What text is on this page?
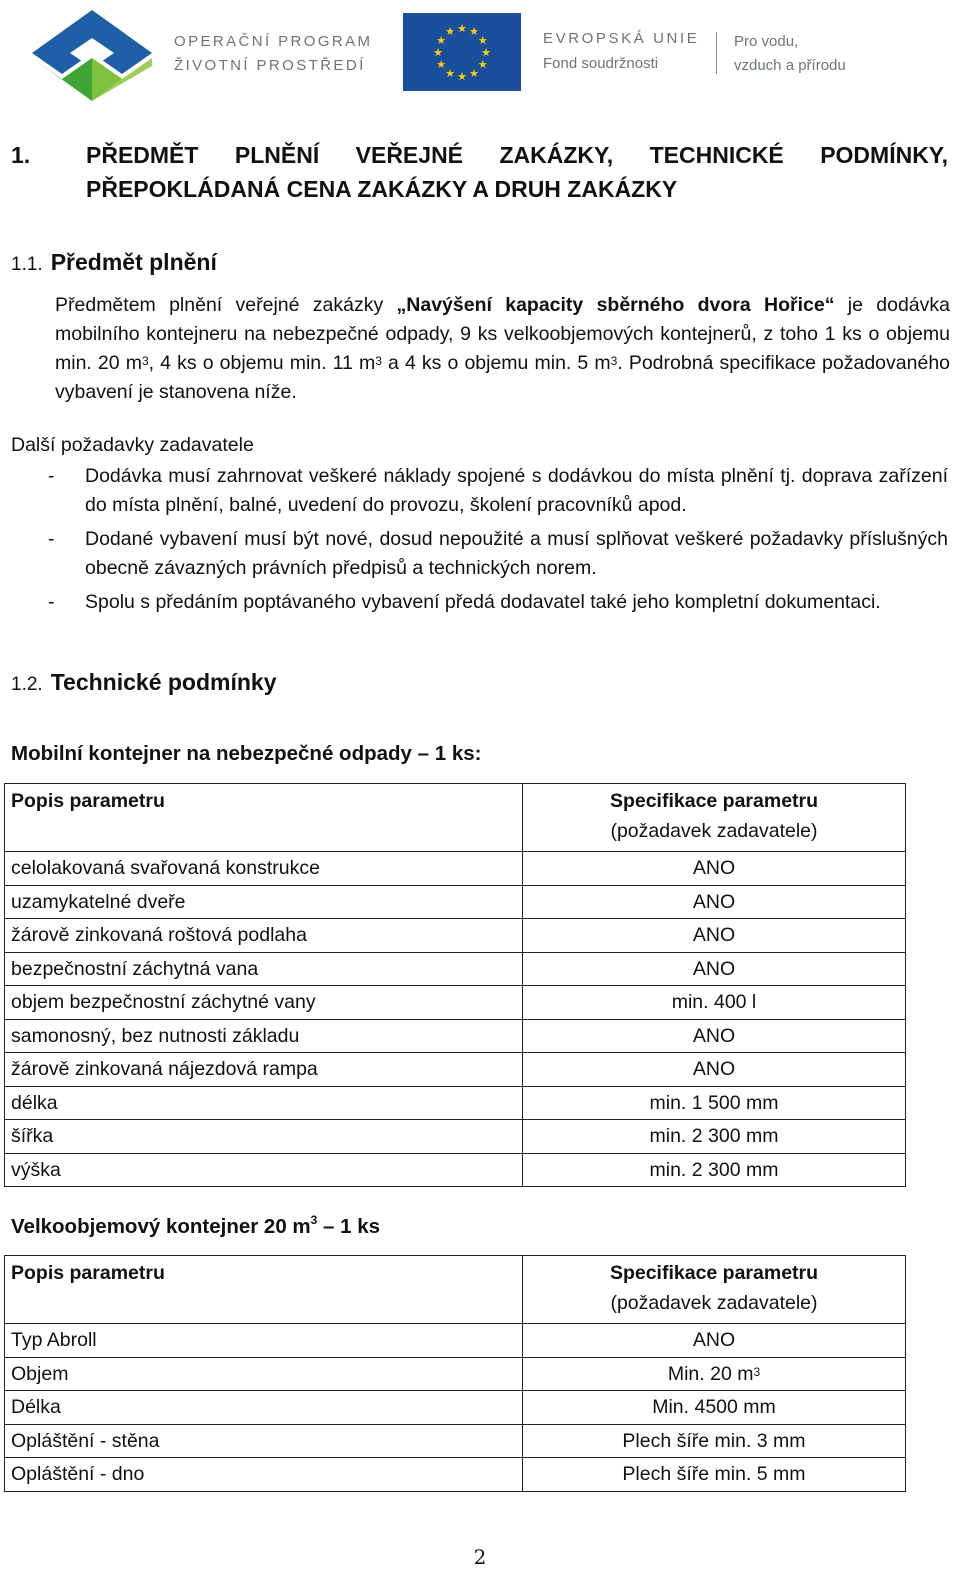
OPERAČNÍ PROGRAM
ŽIVOTNÍ PROSTŘEDÍ
★
★
★
★
★
★
★
★
★ ★ ★
★	EVROPSKÁ UNIE
Fond soudržnosti
Pro vodu,
vzduch a přírodu
1. PŘEDMĚT PLNĚNÍ VEŘEJNÉ ZAKÁZKY, TECHNICKÉ PODMÍNKY,
PŘEPOKLÁDANÁ CENA ZAKÁZKY A DRUH ZAKÁZKY
1.1. Předmět plnění
Předmětem plnění veřejné zakázky „Navýšení kapacity sběrného dvora Hořice“ je dodávka mobilního kontejneru na nebezpečné odpady, 9 ks velkoobjemových kontejnerů, z toho 1 ks o objemu min. 20 $m^3$, 4 ks o objemu min. 11 $m^3$ a 4 ks o objemu min. 5 $m^3$. Podrobná specifikace požadovaného vybavení je stanovena níže.
Další požadavky zadavatele
- Dodávka musí zahrnovat veškeré náklady spojené s dodávkou do místa plnění tj. doprava zařízení do místa plnění, balné, uvedení do provozu, školení pracovníků apod.
- Dodané vybavení musí být nové, dosud nepoužité a musí splňovat veškeré požadavky příslušných obecně závazných právních předpisů a technických norem.
- Spolu s předáním poptávaného vybavení předá dodavatel také jeho kompletní dokumentaci.
1.2. Technické podmínky
Mobilní kontejner na nebezpečné odpady – 1 ks:
Popis parametru	Specifikace parametru
(požadavek zadavatele)

celolakovaná svařovaná konstrukce	ANO
uzamykatelné dveře	ANO
žárově zinkovaná roštová podlaha	ANO
bezpečnostní záchytná vana	ANO
objem bezpečnostní záchytné vany	min. 400 l
samonosný, bez nutnosti základu	ANO
žárově zinkovaná nájezdová rampa	ANO
délka	min. 1 500 mm
šířka	min. 2 300 mm
výška	min. 2 300 mm
Velkoobjemový kontejner 20 $m^3 - 1$ ks
Popis parametru	Specifikace parametru
(požadavek zadavatele)

Typ Abroll	ANO
Objem	Min. 20 $m^3$
Délka	Min. 4500 mm
Opláštění - stěna	Plech šíře min. 3 mm
Opláštění - dno	Plech šíře min. 5 mm
2
